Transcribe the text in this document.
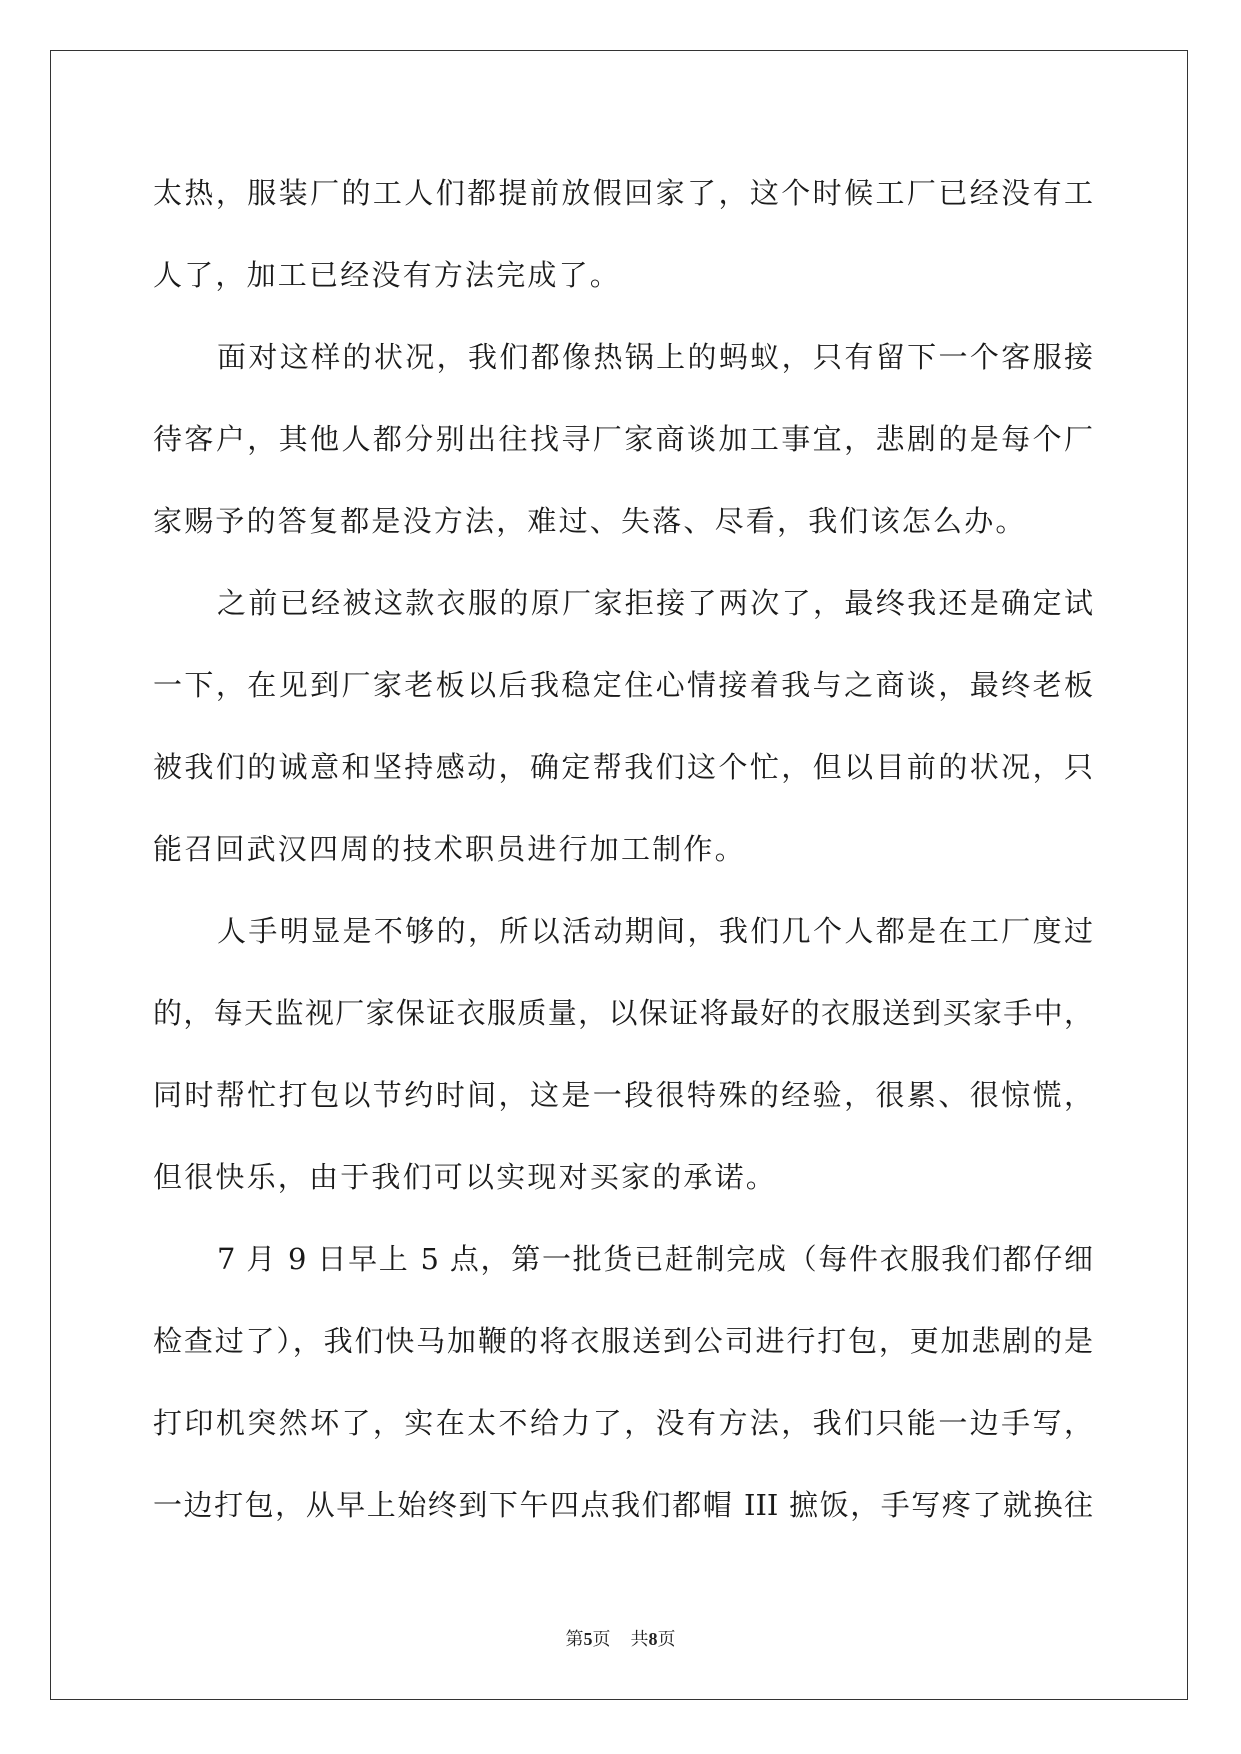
太热，服装厂的工人们都提前放假回家了，这个时候工厂已经没有工
人了，加工已经没有方法完成了。
面对这样的状况，我们都像热锅上的蚂蚁，只有留下一个客服接
待客户，其他人都分别出往找寻厂家商谈加工事宜，悲剧的是每个厂
家赐予的答复都是没方法，难过、失落、尽看，我们该怎么办。
之前已经被这款衣服的原厂家拒接了两次了，最终我还是确定试
一下，在见到厂家老板以后我稳定住心情接着我与之商谈，最终老板
被我们的诚意和坚持感动，确定帮我们这个忙，但以目前的状况，只
能召回武汉四周的技术职员进行加工制作。
人手明显是不够的，所以活动期间，我们几个人都是在工厂度过
的，每天监视厂家保证衣服质量，以保证将最好的衣服送到买家手中，
同时帮忙打包以节约时间，这是一段很特殊的经验，很累、很惊慌，
但很快乐，由于我们可以实现对买家的承诺。
7 月 9 日早上 5 点，第一批货已赶制完成（每件衣服我们都仔细
检查过了），我们快马加鞭的将衣服送到公司进行打包，更加悲剧的是
打印机突然坏了，实在太不给力了，没有方法，我们只能一边手写，
一边打包，从早上始终到下午四点我们都帽 III 摭饭，手写疼了就换往
第5页 共8页
